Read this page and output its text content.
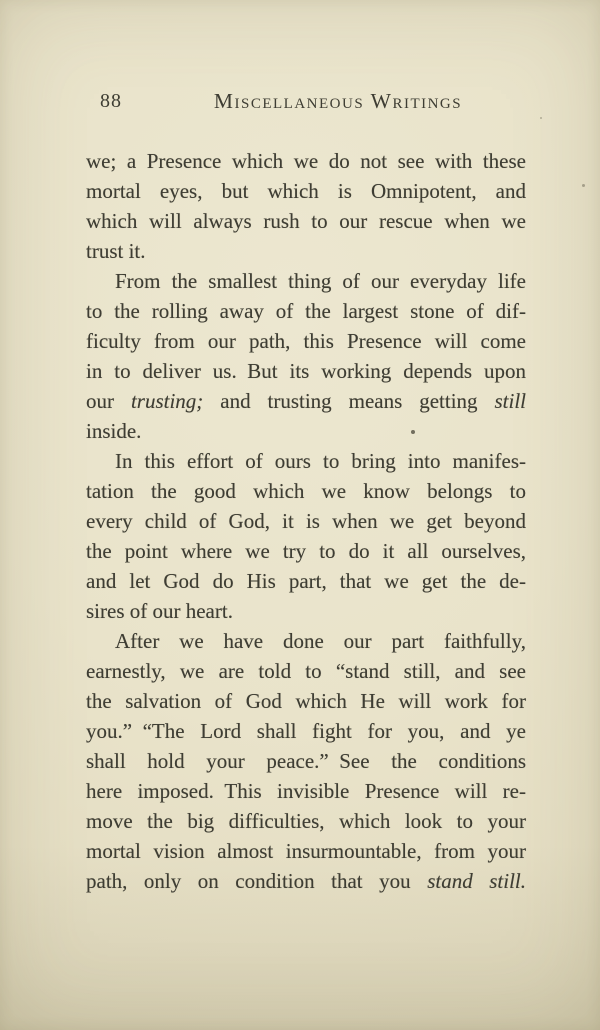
88	Miscellaneous Writings
we; a Presence which we do not see with these
mortal eyes, but which is Omnipotent, and
which will always rush to our rescue when we
trust it.
From the smallest thing of our everyday life
to the rolling away of the largest stone of dif-
ficulty from our path, this Presence will come
in to deliver us. But its working depends upon
our trusting; and trusting means getting still
inside.
In this effort of ours to bring into manifes-
tation the good which we know belongs to
every child of God, it is when we get beyond
the point where we try to do it all ourselves,
and let God do His part, that we get the de-
sires of our heart.
After we have done our part faithfully,
earnestly, we are told to “stand still, and see
the salvation of God which He will work for
you.” “The Lord shall fight for you, and ye
shall hold your peace.” See the conditions
here imposed. This invisible Presence will re-
move the big difficulties, which look to your
mortal vision almost insurmountable, from your
path, only on condition that you stand still.
